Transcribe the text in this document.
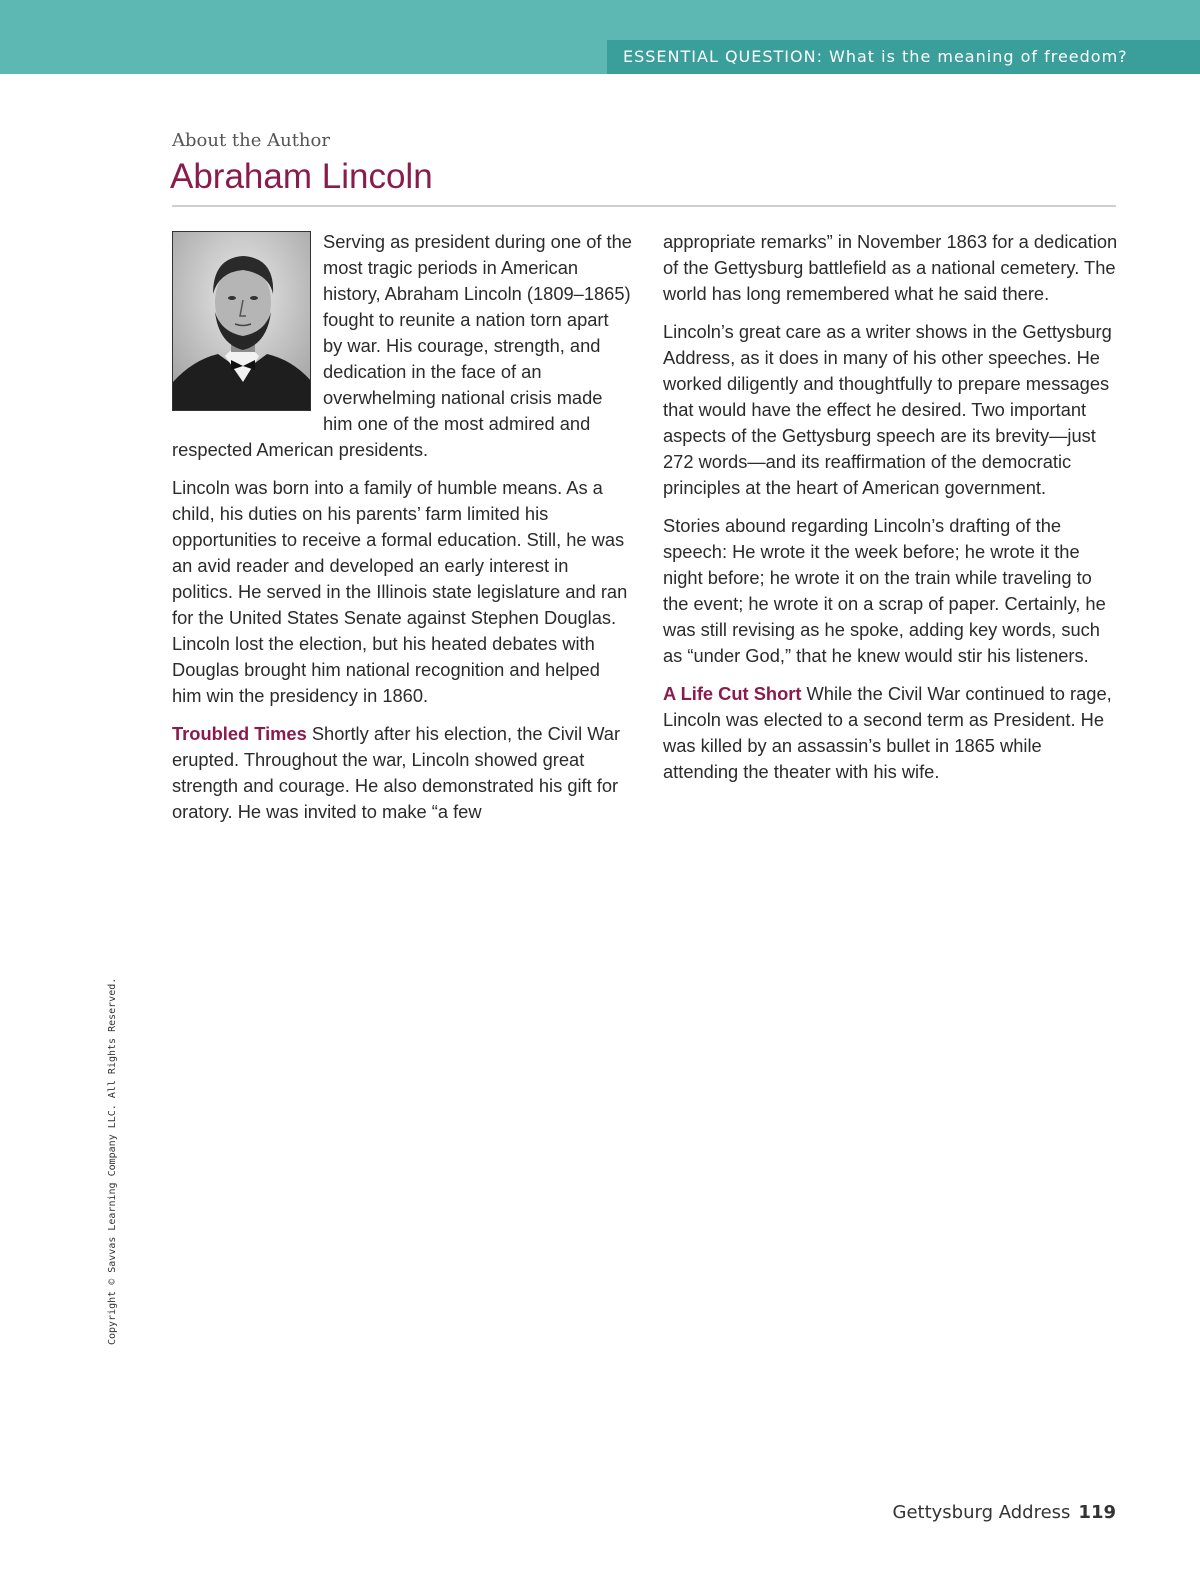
ESSENTIAL QUESTION: What is the meaning of freedom?
About the Author
Abraham Lincoln

Serving as president during one of the most tragic periods in American history, Abraham Lincoln (1809–1865) fought to reunite a nation torn apart by war. His courage, strength, and dedication in the face of an overwhelming national crisis made him one of the most admired and respected American presidents.

Lincoln was born into a family of humble means. As a child, his duties on his parents’ farm limited his opportunities to receive a formal education. Still, he was an avid reader and developed an early interest in politics. He served in the Illinois state legislature and ran for the United States Senate against Stephen Douglas. Lincoln lost the election, but his heated debates with Douglas brought him national recognition and helped him win the presidency in 1860.

Troubled Times Shortly after his election, the Civil War erupted. Throughout the war, Lincoln showed great strength and courage. He also demonstrated his gift for oratory. He was invited to make “a few

appropriate remarks” in November 1863 for a dedication of the Gettysburg battlefield as a national cemetery. The world has long remembered what he said there.

Lincoln’s great care as a writer shows in the Gettysburg Address, as it does in many of his other speeches. He worked diligently and thoughtfully to prepare messages that would have the effect he desired. Two important aspects of the Gettysburg speech are its brevity—just 272 words—and its reaffirmation of the democratic principles at the heart of American government.

Stories abound regarding Lincoln’s drafting of the speech: He wrote it the week before; he wrote it the night before; he wrote it on the train while traveling to the event; he wrote it on a scrap of paper. Certainly, he was still revising as he spoke, adding key words, such as “under God,” that he knew would stir his listeners.

A Life Cut Short While the Civil War continued to rage, Lincoln was elected to a second term as President. He was killed by an assassin’s bullet in 1865 while attending the theater with his wife.

Copyright © Savvas Learning Company LLC. All Rights Reserved.
Gettysburg Address 119
